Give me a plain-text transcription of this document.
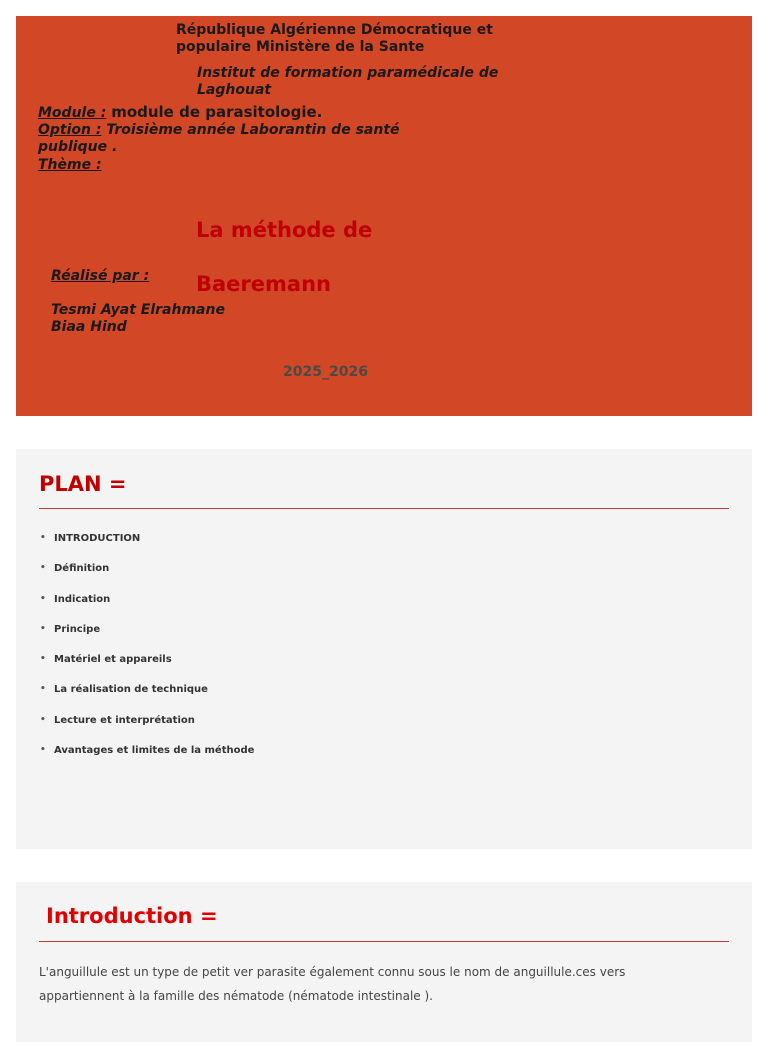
République Algérienne Démocratique et populaire Ministère de la Sante

Institut de formation paramédicale de Laghouat

Module : module de parasitologie.

Option : Troisième année Laborantin de santé publique .

Thème :

La méthode de

Baeremann

Réalisé par :

Tesmi Ayat Elrahmane

Biaa Hind

2025_2026

PLAN =

• INTRODUCTION
• Définition
• Indication
• Principe
• Matériel et appareils
• La réalisation de technique
• Lecture et interprétation
• Avantages et limites de la méthode

Introduction =

L'anguillule est un type de petit ver parasite également connu sous le nom de anguillule.ces vers appartiennent à la famille des nématode (nématode intestinale ).
